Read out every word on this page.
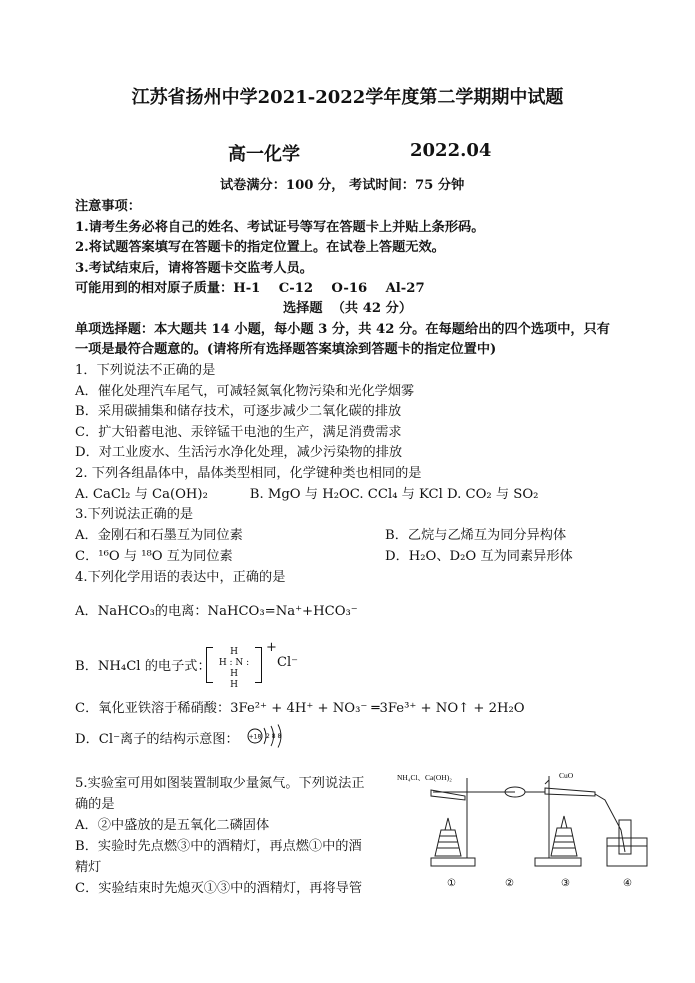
江苏省扬州中学2021-2022学年度第二学期期中试题
高一化学	2022.04
试卷满分：100 分， 考试时间：75 分钟
注意事项：
1.请考生务必将自己的姓名、考试证号等写在答题卡上并贴上条形码。
2.将试题答案填写在答题卡的指定位置上。在试卷上答题无效。
3.考试结束后，请将答题卡交监考人员。
可能用到的相对原子质量：H-1    C-12    O-16    Al-27
选择题  （共 42 分）
单项选择题：本大题共 14 小题，每小题 3 分，共 42 分。在每题给出的四个选项中，只有
一项是最符合题意的。(请将所有选择题答案填涂到答题卡的指定位置中)
1．下列说法不正确的是
A．催化处理汽车尾气，可减轻氮氧化物污染和光化学烟雾
B．采用碳捕集和储存技术，可逐步减少二氧化碳的排放
C．扩大铅蓄电池、汞锌锰干电池的生产，满足消费需求
D．对工业废水、生活污水净化处理，减少污染物的排放
2. 下列各组晶体中，晶体类型相同，化学键种类也相同的是
A. CaCl₂ 与 Ca(OH)₂          B. MgO 与 H₂OC. CCl₄ 与 KCl D. CO₂ 与 SO₂
3.下列说法正确的是
A．金刚石和石墨互为同位素	B．乙烷与乙烯互为同分异构体
C．¹⁶O 与 ¹⁸O 互为同位素	D．H₂O、D₂O 互为同素异形体
4.下列化学用语的表达中，正确的是
A．NaHCO₃的电离：NaHCO₃=Na⁺+HCO₃⁻
B．NH₄Cl 的电子式：
H
H : N : H
H
+
Cl⁻
C．氧化亚铁溶于稀硝酸：3Fe²⁺ + 4H⁺ + NO₃⁻ ═3Fe³⁺ + NO↑ + 2H₂O
D．Cl⁻离子的结构示意图： +18 2 8 8
5.实验室可用如图装置制取少量氮气。下列说法正
确的是
A．②中盛放的是五氧化二磷固体
B．实验时先点燃③中的酒精灯，再点燃①中的酒
精灯
C．实验结束时先熄灭①③中的酒精灯，再将导管
NH₄Cl、Ca(OH)₂	CuO
①	②	③	④
